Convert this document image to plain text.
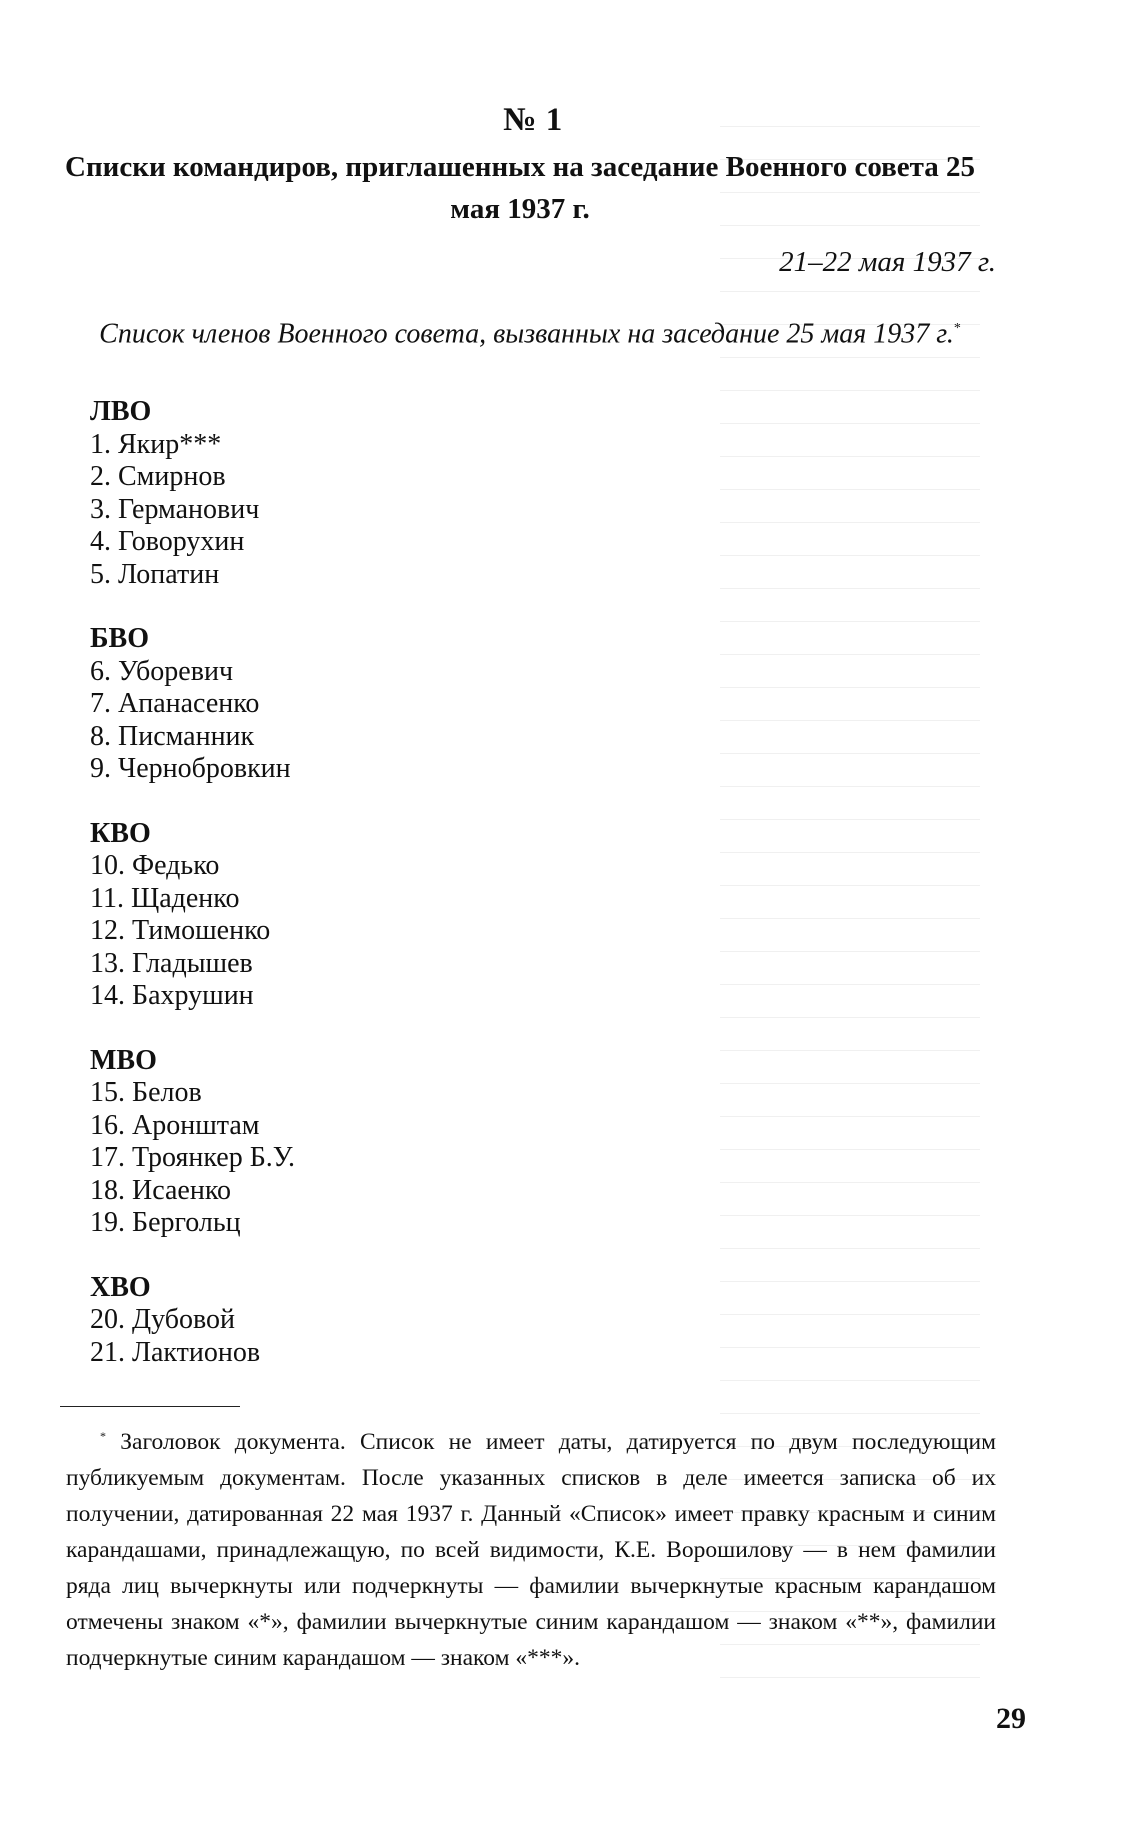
№ 1
Списки командиров, приглашенных на заседание Военного совета 25 мая 1937 г.
21–22 мая 1937 г.
Список членов Военного совета, вызванных на заседание 25 мая 1937 г.*
ЛВО
1. Якир***
2. Смирнов
3. Германович
4. Говорухин
5. Лопатин
БВО
6. Уборевич
7. Апанасенко
8. Писманник
9. Чернобровкин
КВО
10. Федько
11. Щаденко
12. Тимошенко
13. Гладышев
14. Бахрушин
МВО
15. Белов
16. Аронштам
17. Троянкер Б.У.
18. Исаенко
19. Бергольц
ХВО
20. Дубовой
21. Лактионов
* Заголовок документа. Список не имеет даты, датируется по двум последующим публикуемым документам. После указанных списков в деле имеется записка об их получении, датированная 22 мая 1937 г. Данный «Список» имеет правку красным и синим карандашами, принадлежащую, по всей видимости, К.Е. Ворошилову — в нем фамилии ряда лиц вычеркнуты или подчеркнуты — фамилии вычеркнутые красным карандашом отмечены знаком «*», фамилии вычеркнутые синим карандашом — знаком «**», фамилии подчеркнутые синим карандашом — знаком «***».
29
